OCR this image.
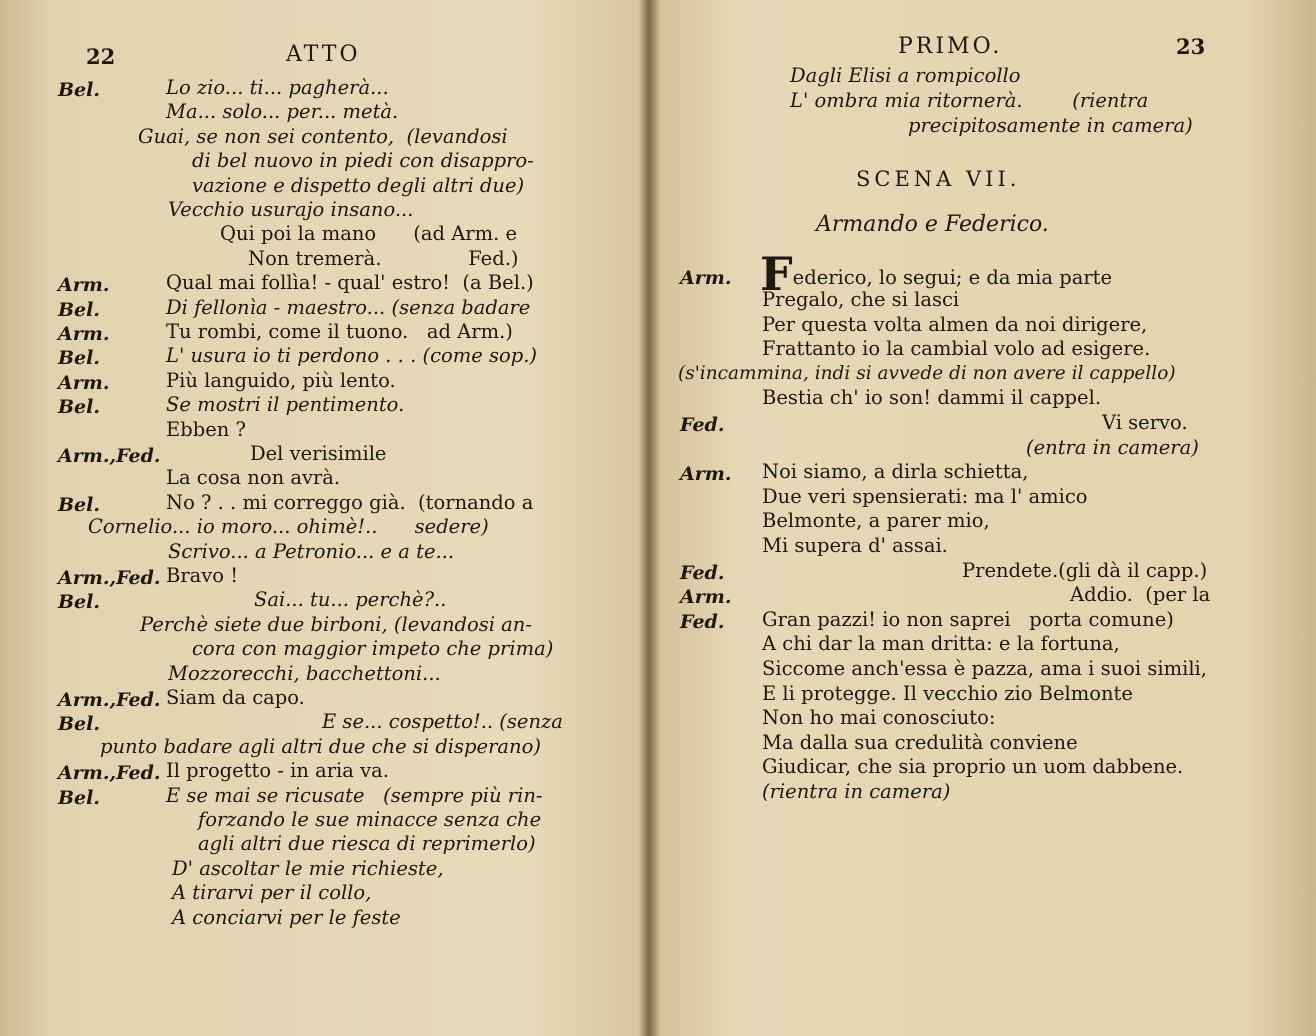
22	ATTO
Bel.	Lo zio... ti... pagherà...
Ma... solo... per... metà.
Guai, se non sei contento,  (levandosi
di bel nuovo in piedi con disappro-
vazione e dispetto degli altri due)
Vecchio usurajo insano...
Qui poi la mano      (ad Arm. e
Non tremerà.              Fed.)
Arm.	Qual mai follìa! - qual' estro!  (a Bel.)
Bel.	Di fellonìa - maestro... (senza badare
Arm.	Tu rombi, come il tuono.   ad Arm.)
Bel.	L' usura io ti perdono . . . (come sop.)
Arm.	Più languido, più lento.
Bel.	Se mostri il pentimento.
Ebben ?
Arm.,Fed.	Del verisimile
La cosa non avrà.
Bel.	No ? . . mi correggo già.  (tornando a
Cornelio... io moro... ohimè!..      sedere)
Scrivo... a Petronio... e a te...
Arm.,Fed. Bravo !
Bel.	Sai... tu... perchè?..
Perchè siete due birboni, (levandosi an-
cora con maggior impeto che prima)
Mozzorecchi, bacchettoni...
Arm.,Fed. Siam da capo.
Bel.	E se... cospetto!.. (senza
punto badare agli altri due che si disperano)
Arm.,Fed. Il progetto - in aria va.
Bel.	E se mai se ricusate   (sempre più rin-
forzando le sue minacce senza che
agli altri due riesca di reprimerlo)
D' ascoltar le mie richieste,
A tirarvi per il collo,
A conciarvi per le feste
PRIMO.	23
Dagli Elisi a rompicollo
L' ombra mia ritornerà.        (rientra
precipitosamente in camera)
SCENA VII.
Armando e Federico.
Arm. Federico, lo segui; e da mia parte
Pregalo, che si lasci
Per questa volta almen da noi dirigere,
Frattanto io la cambial volo ad esigere.
(s'incammina, indi si avvede di non avere il cappello)
Bestia ch' io son! dammi il cappel.
Fed.	Vi servo.
(entra in camera)
Arm. Noi siamo, a dirla schietta,
Due veri spensierati: ma l' amico
Belmonte, a parer mio,
Mi supera d' assai.
Fed.	Prendete.(gli dà il capp.)
Arm.	Addio.  (per la
Fed. Gran pazzi! io non saprei   porta comune)
A chi dar la man dritta: e la fortuna,
Siccome anch'essa è pazza, ama i suoi simili,
E li protegge. Il vecchio zio Belmonte
Non ho mai conosciuto:
Ma dalla sua credulità conviene
Giudicar, che sia proprio un uom dabbene.
(rientra in camera)
